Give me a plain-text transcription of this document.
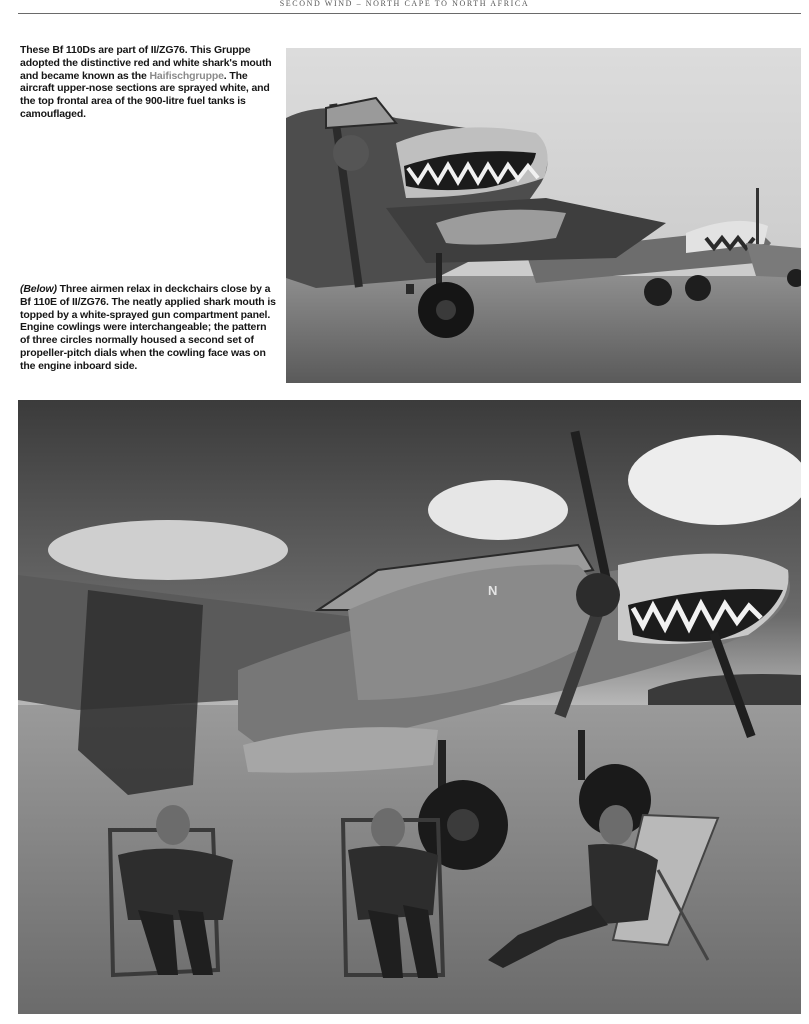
SECOND WIND – NORTH CAPE TO NORTH AFRICA

These Bf 110Ds are part of II/ZG76. This Gruppe adopted the distinctive red and white shark's mouth and became known as the Haifischgruppe. The aircraft upper-nose sections are sprayed white, and the top frontal area of the 900-litre fuel tanks is camouflaged.

(Below) Three airmen relax in deckchairs close by a Bf 110E of II/ZG76. The neatly applied shark mouth is topped by a white-sprayed gun compartment panel. Engine cowlings were interchangeable; the pattern of three circles normally housed a second set of propeller-pitch dials when the cowling face was on the engine inboard side.

N
